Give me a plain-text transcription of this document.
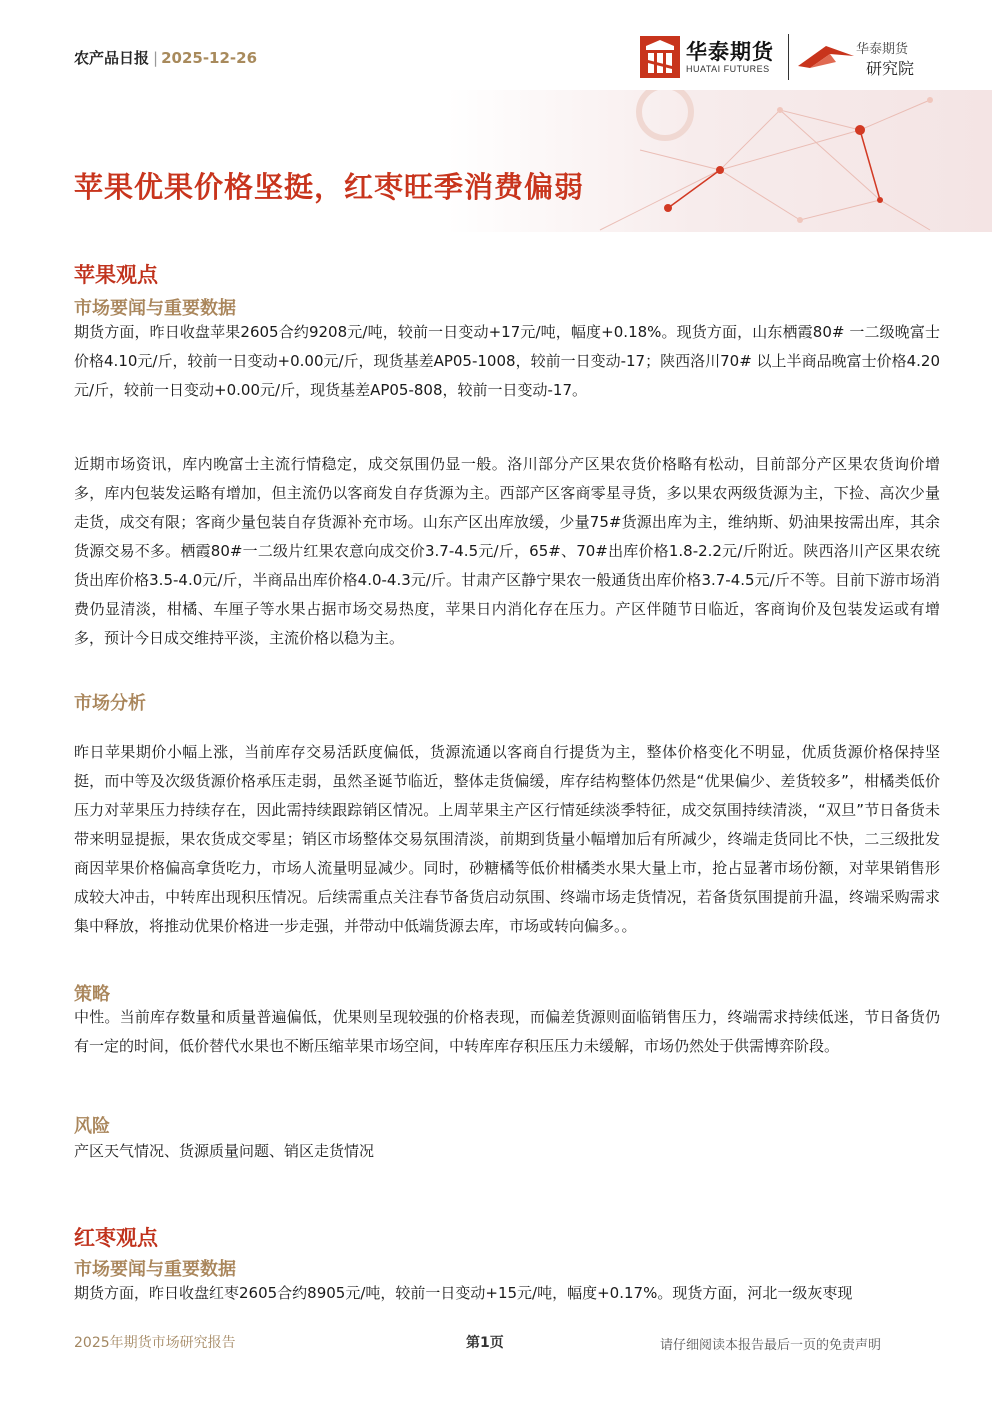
农产品日报 | 2025-12-26	华泰期货
HUATAI FUTURES
华泰期货
研究院
苹果优果价格坚挺，红枣旺季消费偏弱
苹果观点
市场要闻与重要数据

期货方面，昨日收盘苹果2605合约9208元/吨，较前一日变动+17元/吨，幅度+0.18%。现货方面，山东栖霞80# 一二级晚富士价格4.10元/斤，较前一日变动+0.00元/斤，现货基差AP05-1008，较前一日变动-17；陕西洛川70# 以上半商品晚富士价格4.20元/斤，较前一日变动+0.00元/斤，现货基差AP05-808，较前一日变动-17。

近期市场资讯，库内晚富士主流行情稳定，成交氛围仍显一般。洛川部分产区果农货价格略有松动，目前部分产区果农货询价增多，库内包装发运略有增加，但主流仍以客商发自存货源为主。西部产区客商零星寻货，多以果农两级货源为主，下捡、高次少量走货，成交有限；客商少量包装自存货源补充市场。山东产区出库放缓，少量75#货源出库为主，维纳斯、奶油果按需出库，其余货源交易不多。栖霞80#一二级片红果农意向成交价3.7-4.5元/斤，65#、70#出库价格1.8-2.2元/斤附近。陕西洛川产区果农统货出库价格3.5-4.0元/斤，半商品出库价格4.0-4.3元/斤。甘肃产区静宁果农一般通货出库价格3.7-4.5元/斤不等。目前下游市场消费仍显清淡，柑橘、车厘子等水果占据市场交易热度，苹果日内消化存在压力。产区伴随节日临近，客商询价及包装发运或有增多，预计今日成交维持平淡，主流价格以稳为主。

市场分析

昨日苹果期价小幅上涨，当前库存交易活跃度偏低，货源流通以客商自行提货为主，整体价格变化不明显，优质货源价格保持坚挺，而中等及次级货源价格承压走弱，虽然圣诞节临近，整体走货偏缓，库存结构整体仍然是“优果偏少、差货较多”，柑橘类低价压力对苹果压力持续存在，因此需持续跟踪销区情况。上周苹果主产区行情延续淡季特征，成交氛围持续清淡，“双旦”节日备货未带来明显提振，果农货成交零星；销区市场整体交易氛围清淡，前期到货量小幅增加后有所减少，终端走货同比不快，二三级批发商因苹果价格偏高拿货吃力，市场人流量明显减少。同时，砂糖橘等低价柑橘类水果大量上市，抢占显著市场份额，对苹果销售形成较大冲击，中转库出现积压情况。后续需重点关注春节备货启动氛围、终端市场走货情况，若备货氛围提前升温，终端采购需求集中释放，将推动优果价格进一步走强，并带动中低端货源去库，市场或转向偏多。。

策略

中性。当前库存数量和质量普遍偏低，优果则呈现较强的价格表现，而偏差货源则面临销售压力，终端需求持续低迷，节日备货仍有一定的时间，低价替代水果也不断压缩苹果市场空间，中转库库存积压压力未缓解，市场仍然处于供需博弈阶段。

风险

产区天气情况、货源质量问题、销区走货情况

红枣观点
市场要闻与重要数据

期货方面，昨日收盘红枣2605合约8905元/吨，较前一日变动+15元/吨，幅度+0.17%。现货方面，河北一级灰枣现

2025年期货市场研究报告	第1页	请仔细阅读本报告最后一页的免责声明
